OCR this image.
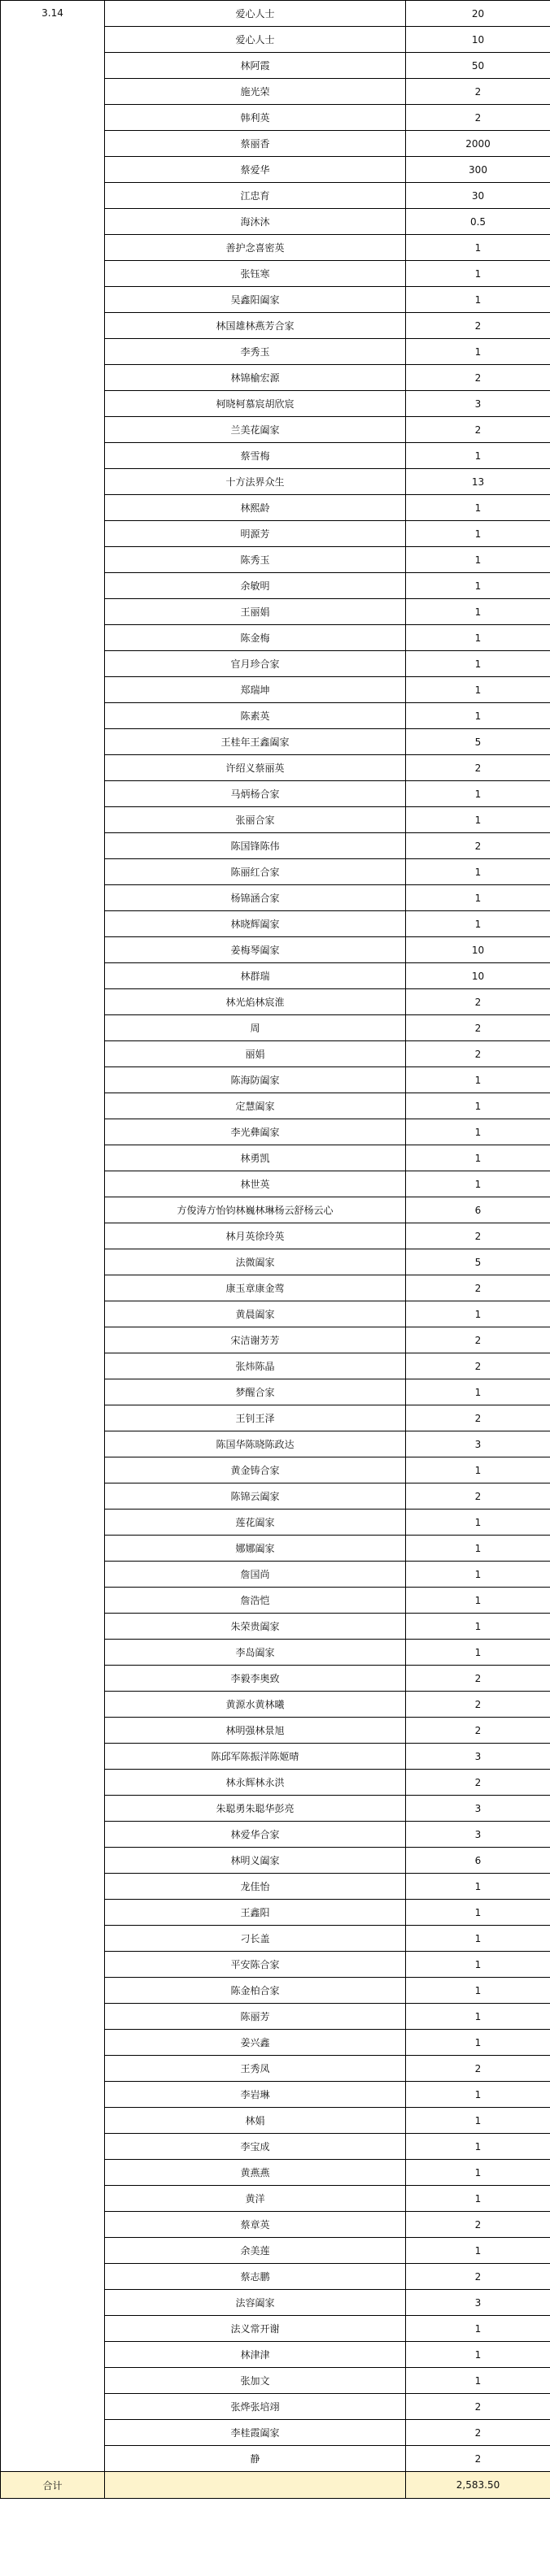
3.14	爱心人士	20
	爱心人士	10
	林阿霞	50
	施光荣	2
	韩利英	2
	蔡丽香	2000
	蔡爱华	300
	江忠育	30
	海沐沐	0.5
	善护念喜密英	1
	张钰寒	1
	吴鑫阳阖家	1
	林国雄林燕芳合家	2
	李秀玉	1
	林锦榆宏源	2
	柯晓柯慕宸胡欣宸	3
	兰美花阖家	2
	蔡雪梅	1
	十方法界众生	13
	林熙龄	1
	明源芳	1
	陈秀玉	1
	余敏明	1
	王丽娟	1
	陈金梅	1
	官月珍合家	1
	郑瑞坤	1
	陈素英	1
	王桂年王鑫阖家	5
	许绍义蔡丽英	2
	马炳杨合家	1
	张丽合家	1
	陈国锋陈伟	2
	陈丽红合家	1
	杨锦涵合家	1
	林晓辉阖家	1
	姜梅琴阖家	10
	林群瑞	10
	林光焰林宸淮	2
	周	2
	丽娟	2
	陈海防阖家	1
	定慧阖家	1
	李光彝阖家	1
	林勇凯	1
	林世英	1
	方俊涛方怡钧林巍林琳杨云舒杨云心	6
	林月英徐玲英	2
	法微阖家	5
	康玉章康金莺	2
	黄晨阖家	1
	宋洁谢芳芳	2
	张炜陈晶	2
	梦醒合家	1
	王钊王泽	2
	陈国华陈晓陈政达	3
	黄金铸合家	1
	陈锦云阖家	2
	莲花阖家	1
	娜娜阖家	1
	詹国尚	1
	詹浩恺	1
	朱荣贵阖家	1
	李岛阖家	1
	李毅李奥致	2
	黄源水黄林曦	2
	林明强林景旭	2
	陈邱军陈振洋陈姬晴	3
	林永辉林永洪	2
	朱聪勇朱聪华彭亮	3
	林爱华合家	3
	林明义阖家	6
	龙佳怡	1
	王鑫阳	1
	刁长盖	1
	平安陈合家	1
	陈金柏合家	1
	陈丽芳	1
	姜兴鑫	1
	王秀凤	2
	李岩琳	1
	林娟	1
	李宝成	1
	黄燕燕	1
	黄洋	1
	蔡章英	2
	余美莲	1
	蔡志鹏	2
	法容阖家	3
	法义常开谢	1
	林津津	1
	张加文	1
	张烨张培翊	2
	李桂霞阖家	2
	静	2
合计		2,583.50
